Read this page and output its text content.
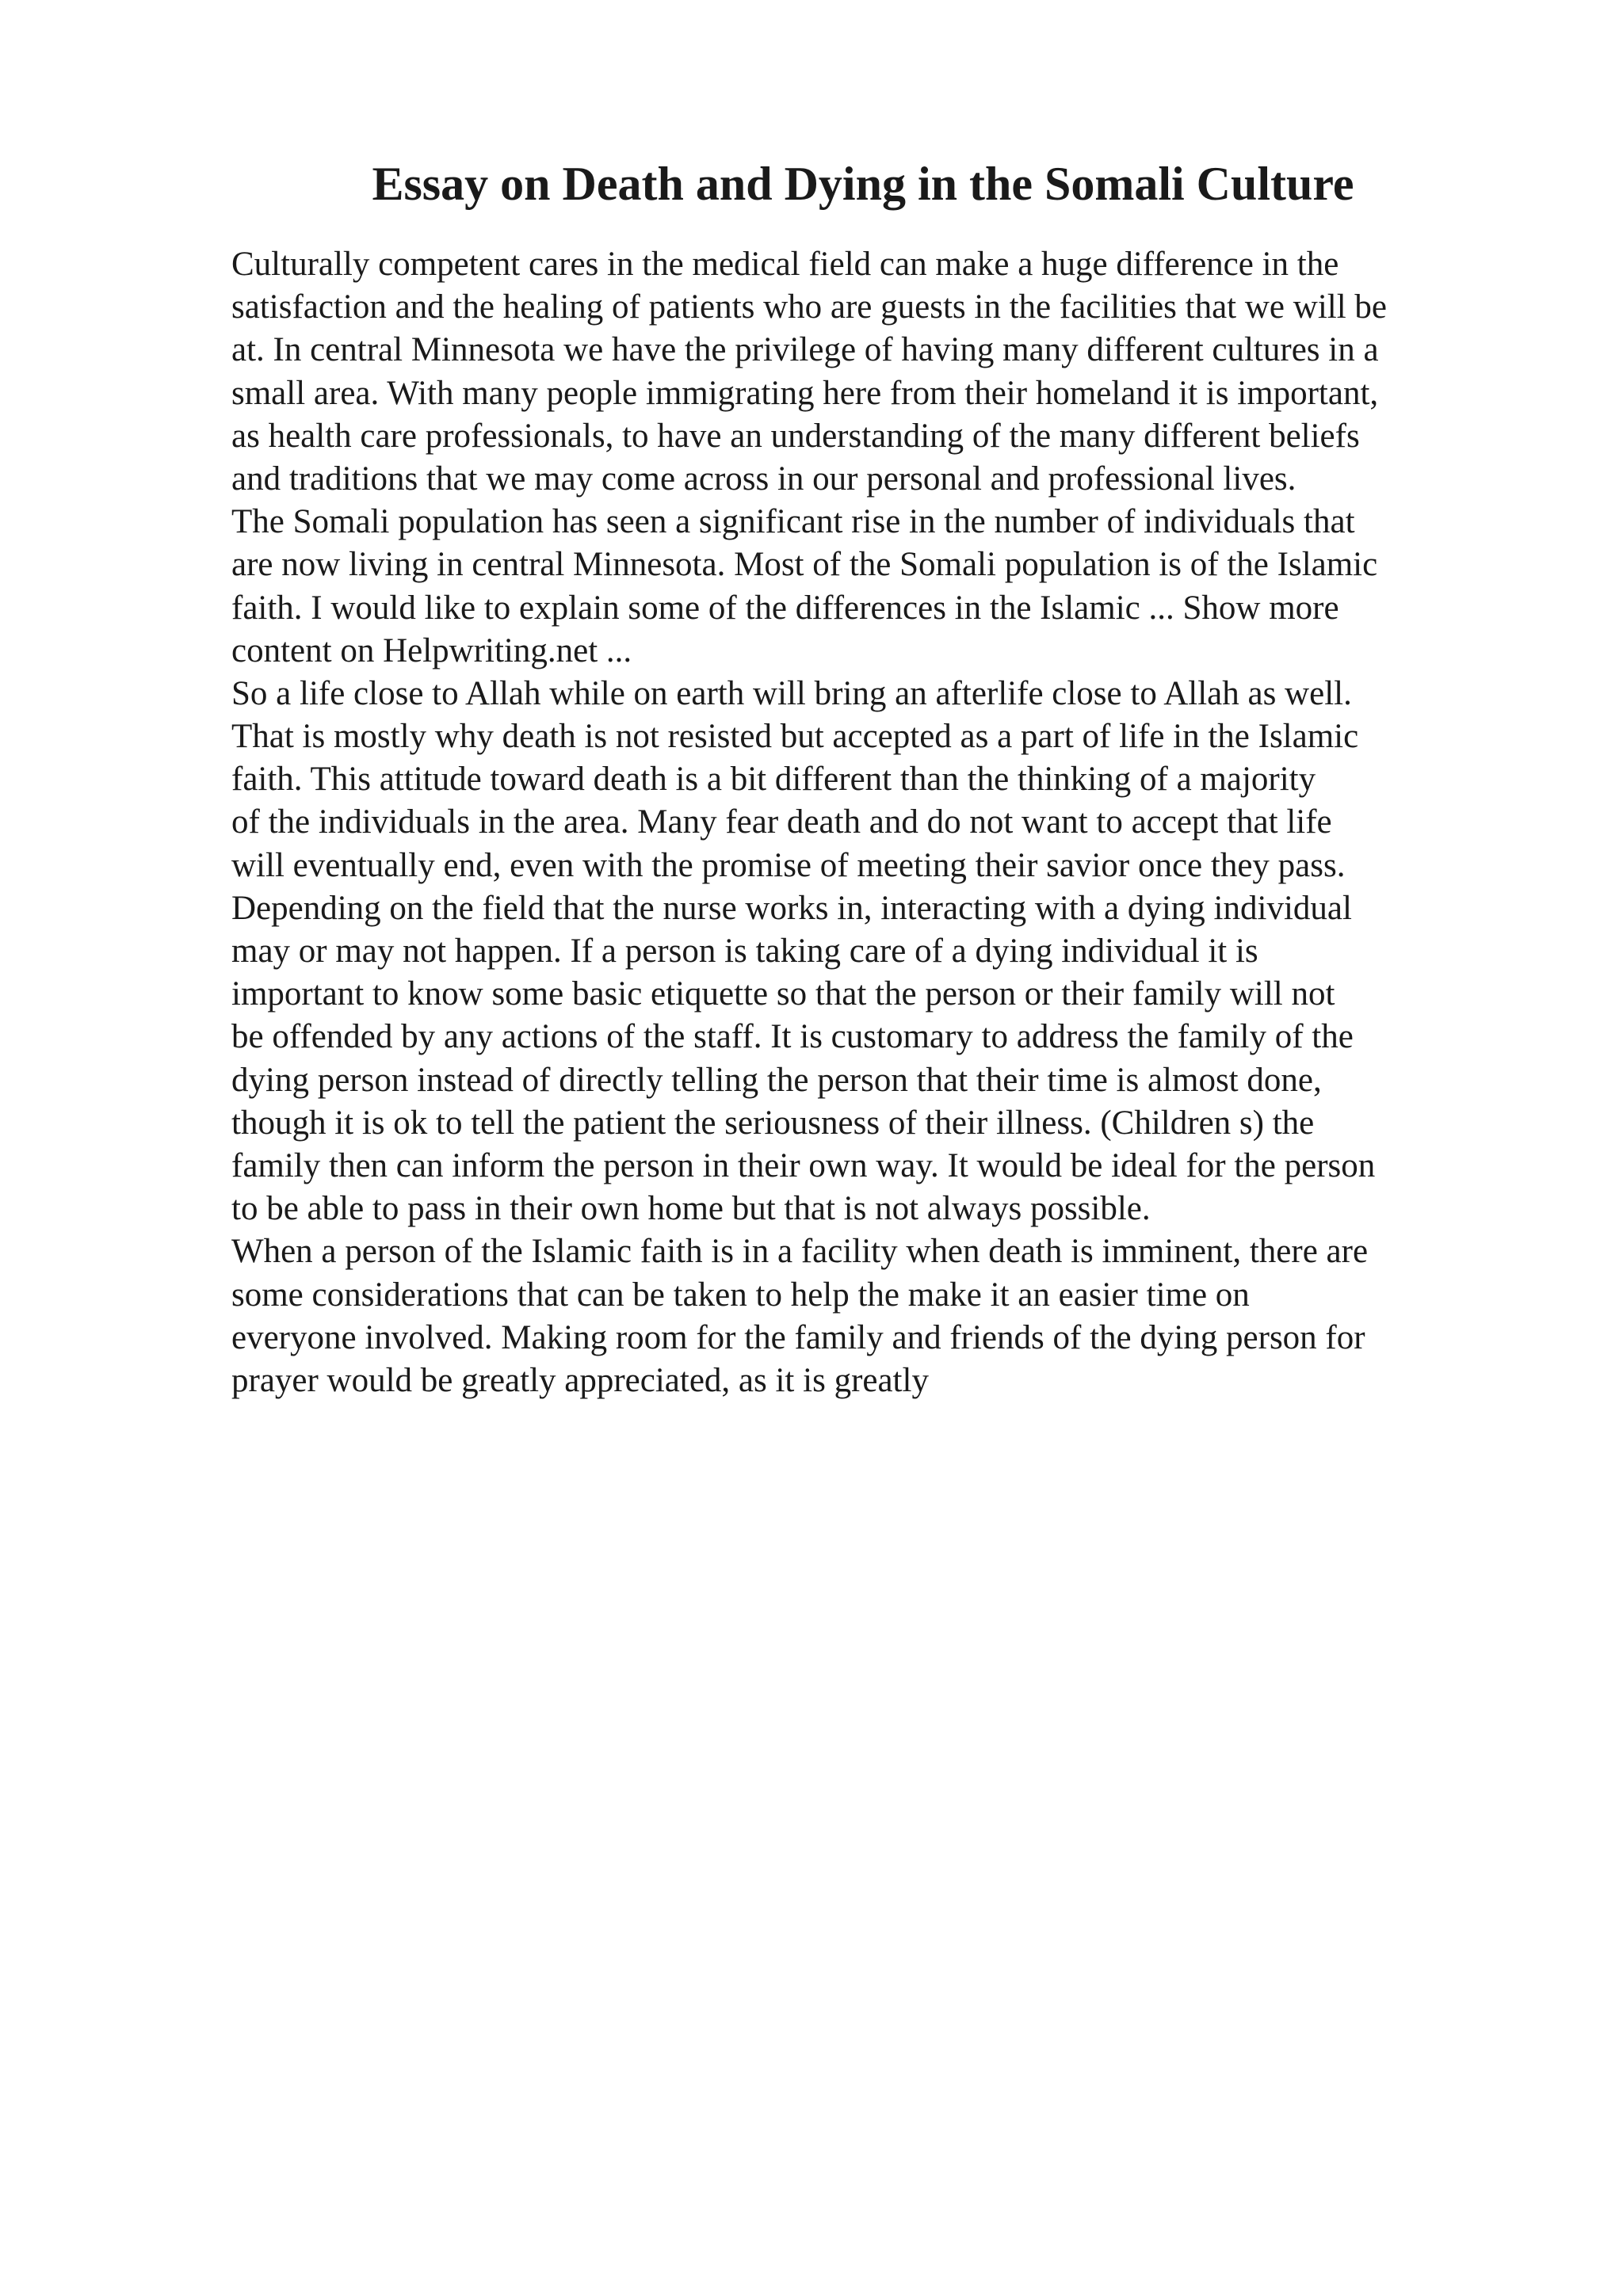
Essay on Death and Dying in the Somali Culture
Culturally competent cares in the medical field can make a huge difference in the
satisfaction and the healing of patients who are guests in the facilities that we will be
at. In central Minnesota we have the privilege of having many different cultures in a
small area. With many people immigrating here from their homeland it is important,
as health care professionals, to have an understanding of the many different beliefs
and traditions that we may come across in our personal and professional lives.
The Somali population has seen a significant rise in the number of individuals that
are now living in central Minnesota. Most of the Somali population is of the Islamic
faith. I would like to explain some of the differences in the Islamic ... Show more
content on Helpwriting.net ...
So a life close to Allah while on earth will bring an afterlife close to Allah as well.
That is mostly why death is not resisted but accepted as a part of life in the Islamic
faith. This attitude toward death is a bit different than the thinking of a majority
of the individuals in the area. Many fear death and do not want to accept that life
will eventually end, even with the promise of meeting their savior once they pass.
Depending on the field that the nurse works in, interacting with a dying individual
may or may not happen. If a person is taking care of a dying individual it is
important to know some basic etiquette so that the person or their family will not
be offended by any actions of the staff. It is customary to address the family of the
dying person instead of directly telling the person that their time is almost done,
though it is ok to tell the patient the seriousness of their illness. (Children s) the
family then can inform the person in their own way. It would be ideal for the person
to be able to pass in their own home but that is not always possible.
When a person of the Islamic faith is in a facility when death is imminent, there are
some considerations that can be taken to help the make it an easier time on
everyone involved. Making room for the family and friends of the dying person for
prayer would be greatly appreciated, as it is greatly
